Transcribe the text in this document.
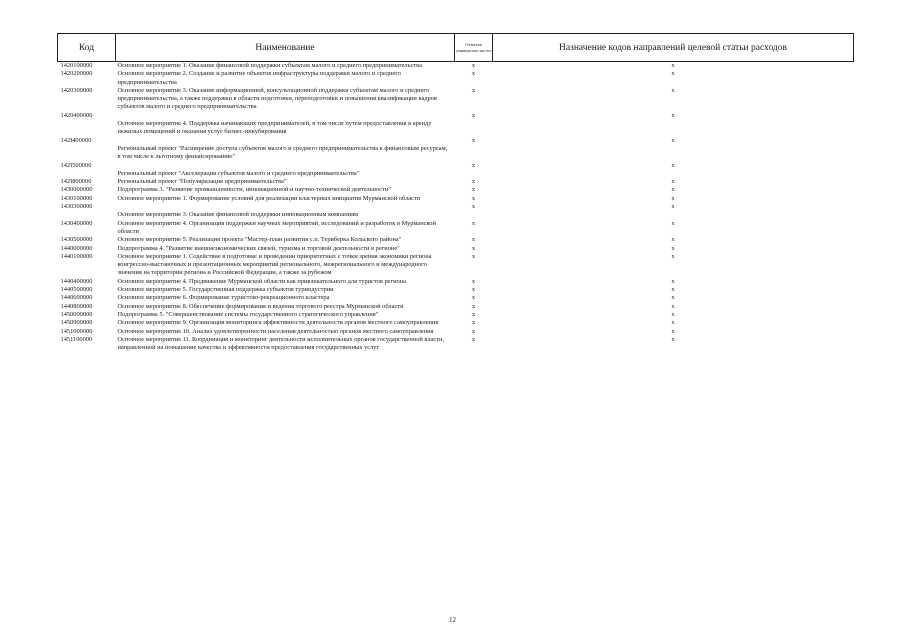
Код	Наименование	Отметка универсаль ности	Назначение кодов направлений целевой статьи расходов
1420100000	Основное мероприятие 1. Оказание финансовой поддержки субъектам малого и среднего предпринимательства	x	x
1420200000	Основное мероприятие 2. Создание и развитие объектов инфраструктуры поддержки малого и среднего предпринимательства	x	x
1420300000	Основное мероприятие 3. Оказание информационной, консультационной поддержки субъектам малого и среднего предпринимательства, а также поддержки в области подготовки, переподготовки и повышения квалификации кадров субъектов малого и среднего предпринимательства	x	x
1420400000	Основное мероприятие 4. Поддержка начинающих предпринимателей, в том числе путем предоставления в аренду нежилых помещений и оказания услуг бизнес-инкубирования	x	x
142I400000	Региональный проект "Расширение доступа субъектов малого и среднего предпринимательства к финансовым ресурсам, в том числе к льготному финансированию"	x	x
142I500000	Региональный проект "Акселерация субъектов малого и среднего предпринимательства"	x	x
142I800000	Региональный проект "Популяризация предпринимательства"	x	x
1430000000	Подпрограмма 3. "Развитие промышленности, инновационной и научно-технической деятельности"	x	x
1430100000	Основное мероприятие 1. Формирование условий для реализации кластерных инициатив Мурманской области	x	x
1430300000	Основное мероприятие 3. Оказание финансовой поддержки инновационным компаниям	x	x
1430400000	Основное мероприятие 4. Организация поддержки научных мероприятий, исследований и разработок в Мурманской области	x	x
1430500000	Основное мероприятие 5. Реализация проекта "Мастер-план развития с.п. Териберка Кольского района"	x	x
1440000000	Подпрограмма 4. "Развитие внешнеэкономических связей, туризма и торговой деятельности в регионе"	x	x
1440100000	Основное мероприятие 1. Содействие в подготовке и проведении приоритетных с точки зрения экономики региона конгрессно-выставочных и презентационных мероприятий регионального, межрегионального и международного значения на территории региона и Российской Федерации, а также за рубежом	x	x
1440400000	Основное мероприятие 4. Продвижение Мурманской области как привлекательного для туристов региона	x	x
1440500000	Основное мероприятие 5. Государственная поддержка субъектов туриндустрии	x	x
1440600000	Основное мероприятие 6. Формирование туристско-рекреационного кластера	x	x
1440800000	Основное мероприятие 8. Обеспечение формирования и ведения торгового реестра Мурманской области	x	x
1450000000	Подпрограмма 5. "Совершенствование системы государственного стратегического управления"	x	x
1450900000	Основное мероприятие 9. Организация мониторинга эффективности деятельности органов местного самоуправления	x	x
1451000000	Основное мероприятие 10. Анализ удовлетворенности населения деятельностью органов местного самоуправления	x	x
1451100000	Основное мероприятие 11. Координация и мониторинг деятельности исполнительных органов государственной власти, направленной на повышение качества и эффективности предоставления государственных услуг	x	x
12
